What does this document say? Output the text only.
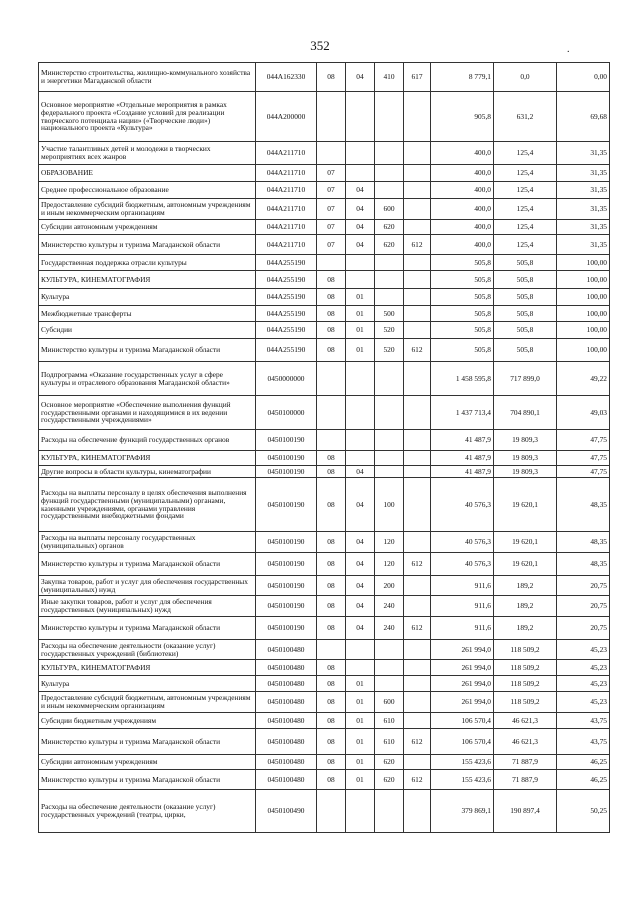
352	.
Министерство строительства, жилищно-коммунального хозяйства и энергетики Магаданской области	044A162330	08	04	410	617	8 779,1	0,0	0,00
Основное мероприятие «Отдельные мероприятия в рамках федерального проекта «Создание условий для реализации творческого потенциала нации» («Творческие люди») национального проекта «Культура»	044A200000					905,8	631,2	69,68
Участие талантливых детей и молодежи в творческих мероприятиях всех жанров	044A211710					400,0	125,4	31,35
ОБРАЗОВАНИЕ	044A211710	07				400,0	125,4	31,35
Среднее профессиональное образование	044A211710	07	04			400,0	125,4	31,35
Предоставление субсидий бюджетным, автономным учреждениям и иным некоммерческим организациям	044A211710	07	04	600		400,0	125,4	31,35
Субсидии автономным учреждениям	044A211710	07	04	620		400,0	125,4	31,35
Министерство культуры и туризма Магаданской области	044A211710	07	04	620	612	400,0	125,4	31,35
Государственная поддержка отрасли культуры	044A255190					505,8	505,8	100,00
КУЛЬТУРА, КИНЕМАТОГРАФИЯ	044A255190	08				505,8	505,8	100,00
Культура	044A255190	08	01			505,8	505,8	100,00
Межбюджетные трансферты	044A255190	08	01	500		505,8	505,8	100,00
Субсидии	044A255190	08	01	520		505,8	505,8	100,00
Министерство культуры и туризма Магаданской области	044A255190	08	01	520	612	505,8	505,8	100,00
Подпрограмма «Оказание государственных услуг в сфере культуры и отраслевого образования Магаданской области»	0450000000					1 458 595,8	717 899,0	49,22
Основное мероприятие «Обеспечение выполнения функций государственными органами и находящимися в их ведении государственными учреждениями»	0450100000					1 437 713,4	704 890,1	49,03
Расходы на обеспечение функций государственных органов	0450100190					41 487,9	19 809,3	47,75
КУЛЬТУРА, КИНЕМАТОГРАФИЯ	0450100190	08				41 487,9	19 809,3	47,75
Другие вопросы в области культуры, кинематографии	0450100190	08	04			41 487,9	19 809,3	47,75
Расходы на выплаты персоналу в целях обеспечения выполнения функций государственными (муниципальными) органами, казенными учреждениями, органами управления государственными внебюджетными фондами	0450100190	08	04	100		40 576,3	19 620,1	48,35
Расходы на выплаты персоналу государственных (муниципальных) органов	0450100190	08	04	120		40 576,3	19 620,1	48,35
Министерство культуры и туризма Магаданской области	0450100190	08	04	120	612	40 576,3	19 620,1	48,35
Закупка товаров, работ и услуг для обеспечения государственных (муниципальных) нужд	0450100190	08	04	200		911,6	189,2	20,75
Иные закупки товаров, работ и услуг для обеспечения государственных (муниципальных) нужд	0450100190	08	04	240		911,6	189,2	20,75
Министерство культуры и туризма Магаданской области	0450100190	08	04	240	612	911,6	189,2	20,75
Расходы на обеспечение деятельности (оказание услуг) государственных учреждений (библиотеки)	0450100480					261 994,0	118 509,2	45,23
КУЛЬТУРА, КИНЕМАТОГРАФИЯ	0450100480	08				261 994,0	118 509,2	45,23
Культура	0450100480	08	01			261 994,0	118 509,2	45,23
Предоставление субсидий бюджетным, автономным учреждениям и иным некоммерческим организациям	0450100480	08	01	600		261 994,0	118 509,2	45,23
Субсидии бюджетным учреждениям	0450100480	08	01	610		106 570,4	46 621,3	43,75
Министерство культуры и туризма Магаданской области	0450100480	08	01	610	612	106 570,4	46 621,3	43,75
Субсидии автономным учреждениям	0450100480	08	01	620		155 423,6	71 887,9	46,25
Министерство культуры и туризма Магаданской области	0450100480	08	01	620	612	155 423,6	71 887,9	46,25
Расходы на обеспечение деятельности (оказание услуг) государственных учреждений (театры, цирки,	0450100490					379 869,1	190 897,4	50,25
